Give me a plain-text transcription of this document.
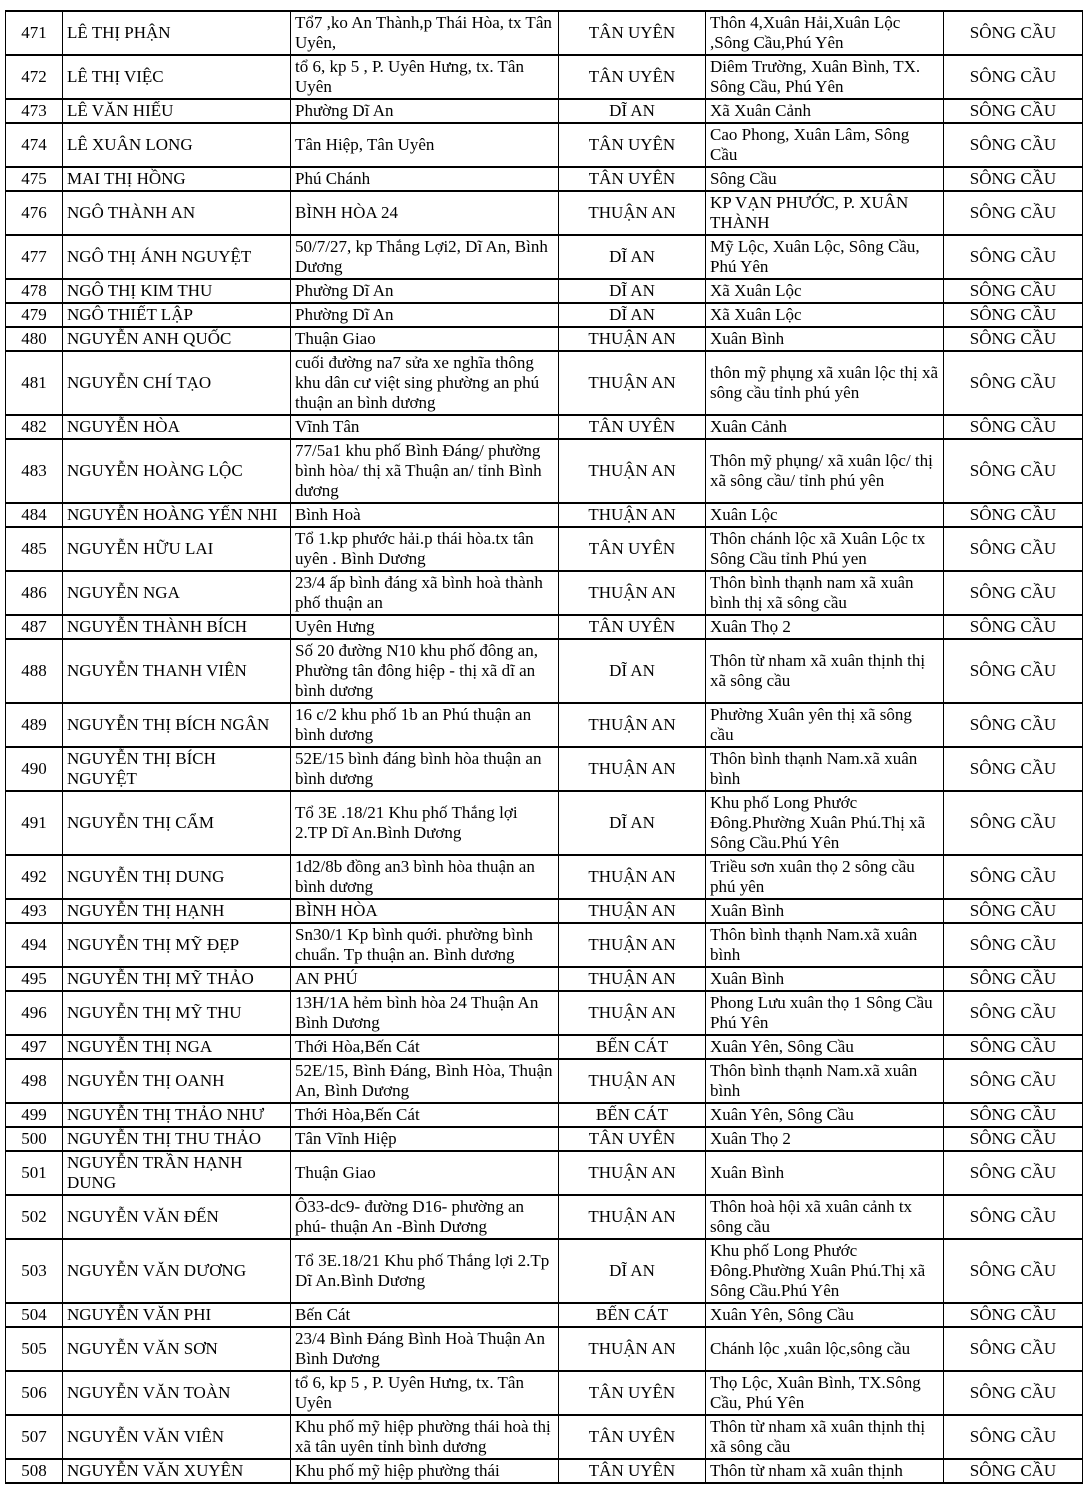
471	LÊ THỊ PHẬN	Tổ7 ,ko An Thành,p Thái Hòa, tx Tân Uyên,	TÂN UYÊN	Thôn 4,Xuân Hải,Xuân Lộc ,Sông Cầu,Phú Yên	SÔNG CẦU
472	LÊ THỊ VIỆC	tổ 6, kp 5 , P. Uyên Hưng, tx. Tân Uyên	TÂN UYÊN	Diêm Trường, Xuân Bình, TX. Sông Cầu, Phú Yên	SÔNG CẦU
473	LÊ VĂN HIẾU	Phường Dĩ An	DĨ AN	Xã Xuân Cảnh	SÔNG CẦU
474	LÊ XUÂN LONG	Tân Hiệp, Tân Uyên	TÂN UYÊN	Cao Phong, Xuân Lâm, Sông Cầu	SÔNG CẦU
475	MAI THỊ HỒNG	Phú Chánh	TÂN UYÊN	Sông Cầu	SÔNG CẦU
476	NGÔ THÀNH AN	BÌNH HÒA 24	THUẬN AN	KP VẠN PHƯỚC, P. XUÂN THÀNH	SÔNG CẦU
477	NGÔ THỊ ÁNH NGUYỆT	50/7/27, kp Thắng Lợi2, Dĩ An, Bình Dương	DĨ AN	Mỹ Lộc, Xuân Lộc, Sông Cầu, Phú Yên	SÔNG CẦU
478	NGÔ THỊ KIM THU	Phường Dĩ An	DĨ AN	Xã Xuân Lộc	SÔNG CẦU
479	NGÔ THIẾT LẬP	Phường Dĩ An	DĨ AN	Xã Xuân Lộc	SÔNG CẦU
480	NGUYỄN ANH QUỐC	Thuận Giao	THUẬN AN	Xuân Bình	SÔNG CẦU
481	NGUYỄN CHÍ TẠO	cuối đường na7 sửa xe nghĩa thông khu dân cư việt sing phường an phú thuận an bình dương	THUẬN AN	thôn mỹ phụng xã xuân lộc thị xã sông cầu tỉnh phú yên	SÔNG CẦU
482	NGUYỄN HÒA	Vĩnh Tân	TÂN UYÊN	Xuân Cảnh	SÔNG CẦU
483	NGUYỄN HOÀNG LỘC	77/5a1 khu phố Bình Đáng/ phường bình hòa/ thị xã Thuận an/ tỉnh Bình dương	THUẬN AN	Thôn mỹ phụng/ xã xuân lộc/ thị xã sông cầu/ tỉnh phú yên	SÔNG CẦU
484	NGUYỄN HOÀNG YẾN NHI	Bình Hoà	THUẬN AN	Xuân Lộc	SÔNG CẦU
485	NGUYỄN HỮU LAI	Tổ 1.kp phước hải.p thái hòa.tx tân uyên . Bình Dương	TÂN UYÊN	Thôn chánh lộc xã Xuân Lộc tx Sông Cầu tỉnh Phú yen	SÔNG CẦU
486	NGUYỄN NGA	23/4 ấp bình đáng xã bình hoà thành phố thuận an	THUẬN AN	Thôn bình thạnh nam xã xuân bình thị xã sông cầu	SÔNG CẦU
487	NGUYỄN THÀNH BÍCH	Uyên Hưng	TÂN UYÊN	Xuân Thọ 2	SÔNG CẦU
488	NGUYỄN THANH VIÊN	Số 20 đường N10 khu phố đông an, Phường tân đông hiệp - thị xã dĩ an bình dương	DĨ AN	Thôn từ nham xã xuân thịnh thị xã sông cầu	SÔNG CẦU
489	NGUYỄN THỊ BÍCH NGÂN	16 c/2 khu phố 1b an Phú thuận an bình dương	THUẬN AN	Phường Xuân yên thị xã sông cầu	SÔNG CẦU
490	NGUYỄN THỊ BÍCH NGUYỆT	52E/15 bình đáng bình hòa thuận an bình dương	THUẬN AN	Thôn bình thạnh Nam.xã xuân bình	SÔNG CẦU
491	NGUYỄN THỊ CẨM	Tổ 3E .18/21 Khu phố Thắng lợi 2.TP Dĩ An.Bình Dương	DĨ AN	Khu phố Long Phước Đông.Phường Xuân Phú.Thị xã Sông Cầu.Phú Yên	SÔNG CẦU
492	NGUYỄN THỊ DUNG	1d2/8b đồng an3 bình hòa thuận an bình dương	THUẬN AN	Triều sơn xuân thọ 2 sông cầu phú yên	SÔNG CẦU
493	NGUYỄN THỊ HẠNH	BÌNH HÒA	THUẬN AN	Xuân Bình	SÔNG CẦU
494	NGUYỄN THỊ MỸ ĐẸP	Sn30/1 Kp bình quới. phường bình chuẩn. Tp thuận an. Bình dương	THUẬN AN	Thôn bình thạnh Nam.xã xuân bình	SÔNG CẦU
495	NGUYỄN THỊ MỸ THẢO	AN PHÚ	THUẬN AN	Xuân Bình	SÔNG CẦU
496	NGUYỄN THỊ MỸ THU	13H/1A hẻm bình hòa 24 Thuận An Bình Dương	THUẬN AN	Phong Lưu xuân thọ 1 Sông Cầu Phú Yên	SÔNG CẦU
497	NGUYỄN THỊ NGA	Thới Hòa,Bến Cát	BẾN CÁT	Xuân Yên, Sông Cầu	SÔNG CẦU
498	NGUYỄN THỊ OANH	52E/15, Bình Đáng, Bình Hòa, Thuận An, Bình Dương	THUẬN AN	Thôn bình thạnh Nam.xã xuân bình	SÔNG CẦU
499	NGUYỄN THỊ THẢO NHƯ	Thới Hòa,Bến Cát	BẾN CÁT	Xuân Yên, Sông Cầu	SÔNG CẦU
500	NGUYỄN THỊ THU THẢO	Tân Vĩnh Hiệp	TÂN UYÊN	Xuân Thọ 2	SÔNG CẦU
501	NGUYỄN TRẦN HẠNH DUNG	Thuận Giao	THUẬN AN	Xuân Bình	SÔNG CẦU
502	NGUYỄN VĂN ĐẾN	Ô33-dc9- đường D16- phường an phú- thuận An -Bình Dương	THUẬN AN	Thôn hoà hội xã xuân cảnh tx sông cầu	SÔNG CẦU
503	NGUYỄN VĂN DƯƠNG	Tổ 3E.18/21 Khu phố Thắng lợi 2.Tp Dĩ An.Bình Dương	DĨ AN	Khu phố Long Phước Đông.Phường Xuân Phú.Thị xã Sông Cầu.Phú Yên	SÔNG CẦU
504	NGUYỄN VĂN PHI	Bến Cát	BẾN CÁT	Xuân Yên, Sông Cầu	SÔNG CẦU
505	NGUYỄN VĂN SƠN	23/4 Bình Đáng Bình Hoà Thuận An Bình Dương	THUẬN AN	Chánh lộc ,xuân lộc,sông cầu	SÔNG CẦU
506	NGUYỄN VĂN TOÀN	tổ 6, kp 5 , P. Uyên Hưng, tx. Tân Uyên	TÂN UYÊN	Thọ Lộc, Xuân Bình, TX.Sông Cầu, Phú Yên	SÔNG CẦU
507	NGUYỄN VĂN VIÊN	Khu phố mỹ hiệp phường thái hoà thị xã tân uyên tỉnh bình dương	TÂN UYÊN	Thôn từ nham xã xuân thịnh thị xã sông cầu	SÔNG CẦU
508	NGUYỄN VĂN XUYÊN	Khu phố mỹ hiệp phường thái	TÂN UYÊN	Thôn từ nham xã xuân thịnh	SÔNG CẦU
